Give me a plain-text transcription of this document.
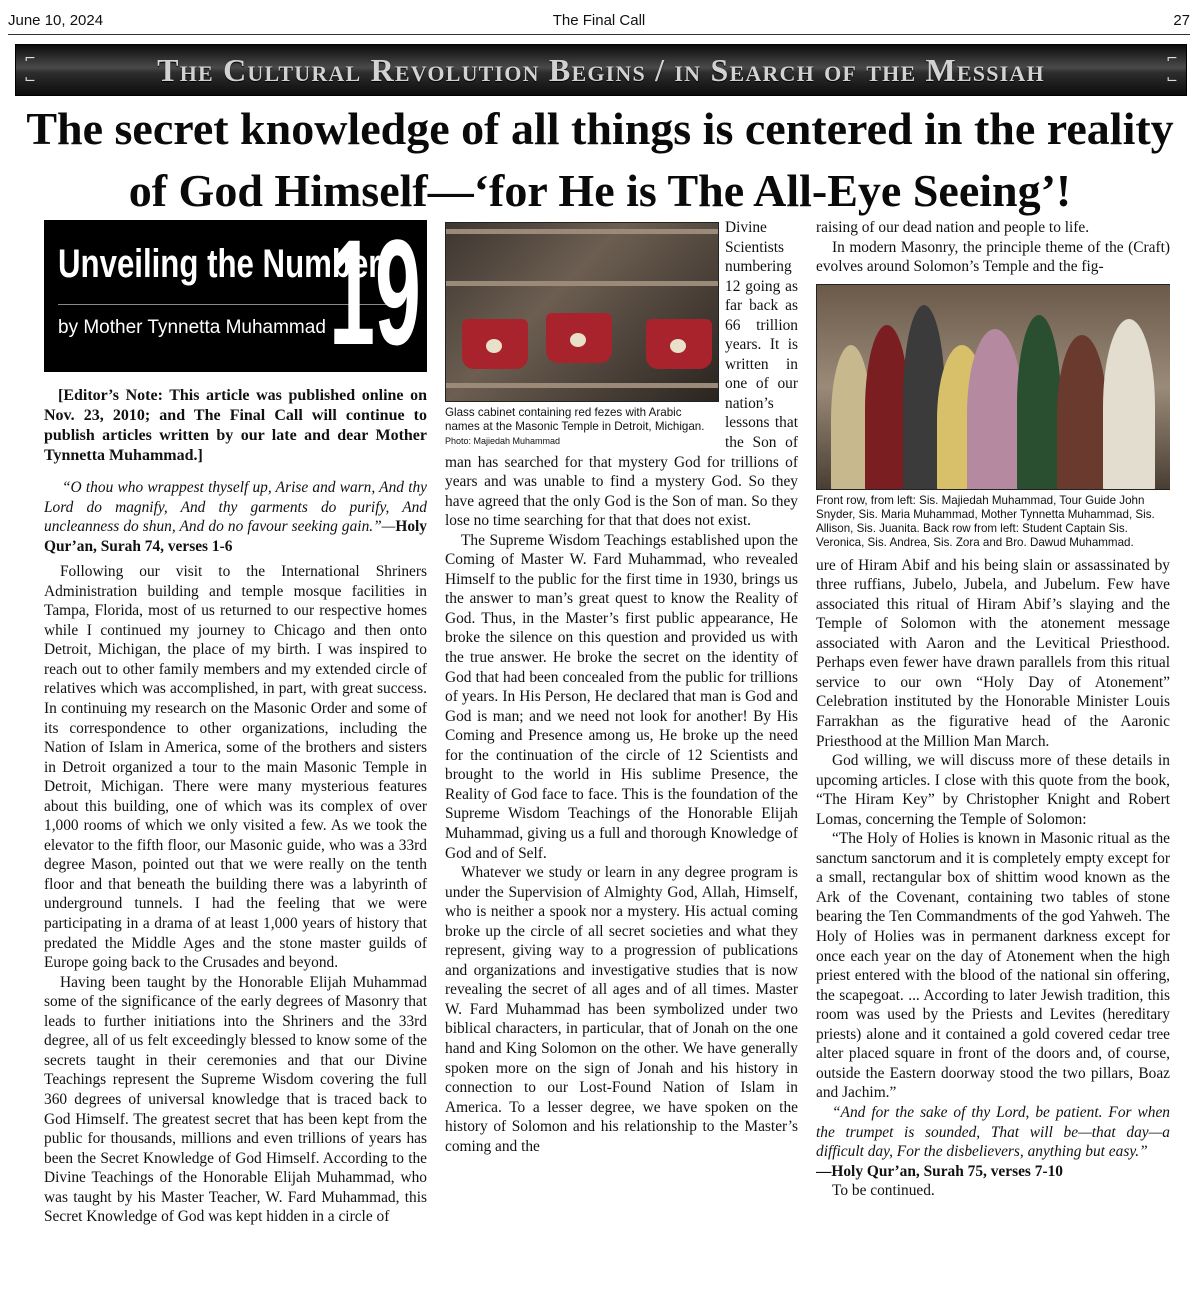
June 10, 2024	The Final Call	27
⌐
⌙	The Cultural Revolution Begins / in Search of the Messiah	⌐
⌙
The secret knowledge of all things is centered in the reality of God Himself—‘for He is The All-Eye Seeing’!
Unveiling the Number
by Mother Tynnetta Muhammad 19
[Editor’s Note: This article was published online on Nov. 23, 2010; and The Final Call will continue to publish articles written by our late and dear Mother Tynnetta Muhammad.]
“O thou who wrappest thyself up, Arise and warn, And thy Lord do magnify, And thy garments do purify, And uncleanness do shun, And do no favour seeking gain.”—Holy Qur’an, Surah 74, verses 1-6

Following our visit to the International Shriners Administration building and temple mosque facilities in Tampa, Florida, most of us returned to our respective homes while I continued my journey to Chicago and then onto Detroit, Michigan, the place of my birth. I was inspired to reach out to other family members and my extended circle of relatives which was accomplished, in part, with great success. In continuing my research on the Masonic Order and some of its correspondence to other organizations, including the Nation of Islam in America, some of the brothers and sisters in Detroit organized a tour to the main Masonic Temple in Detroit, Michigan. There were many mysterious features about this building, one of which was its complex of over 1,000 rooms of which we only visited a few. As we took the elevator to the fifth floor, our Masonic guide, who was a 33rd degree Mason, pointed out that we were really on the tenth floor and that beneath the building there was a labyrinth of underground tunnels. I had the feeling that we were participating in a drama of at least 1,000 years of history that predated the Middle Ages and the stone master guilds of Europe going back to the Crusades and beyond.

Having been taught by the Honorable Elijah Muhammad some of the significance of the early degrees of Masonry that leads to further initiations into the Shriners and the 33rd degree, all of us felt exceedingly blessed to know some of the secrets taught in their ceremonies and that our Divine Teachings represent the Supreme Wisdom covering the full 360 degrees of universal knowledge that is traced back to God Himself. The greatest secret that has been kept from the public for thousands, millions and even trillions of years has been the Secret Knowledge of God Himself. According to the Divine Teachings of the Honorable Elijah Muhammad, who was taught by his Master Teacher, W. Fard Muhammad, this Secret Knowledge of God was kept hidden in a circle of

Glass cabinet containing red fezes with Arabic names at the Masonic Temple in Detroit, Michigan. Photo: Majiedah Muhammad

Divine Scientists numbering 12 going as far back as 66 trillion years. It is written in one of our nation’s lessons that the Son of man has searched for that mystery God for trillions of years and was unable to find a mystery God. So they have agreed that the only God is the Son of man. So they lose no time searching for that that does not exist.

The Supreme Wisdom Teachings established upon the Coming of Master W. Fard Muhammad, who revealed Himself to the public for the first time in 1930, brings us the answer to man’s great quest to know the Reality of God. Thus, in the Master’s first public appearance, He broke the silence on this question and provided us with the true answer. He broke the secret on the identity of God that had been concealed from the public for trillions of years. In His Person, He declared that man is God and God is man; and we need not look for another! By His Coming and Presence among us, He broke up the need for the continuation of the circle of 12 Scientists and brought to the world in His sublime Presence, the Reality of God face to face. This is the foundation of the Supreme Wisdom Teachings of the Honorable Elijah Muhammad, giving us a full and thorough Knowledge of God and of Self.

Whatever we study or learn in any degree program is under the Supervision of Almighty God, Allah, Himself, who is neither a spook nor a mystery. His actual coming broke up the circle of all secret societies and what they represent, giving way to a progression of publications and organizations and investigative studies that is now revealing the secret of all ages and of all times. Master W. Fard Muhammad has been symbolized under two biblical characters, in particular, that of Jonah on the one hand and King Solomon on the other. We have generally spoken more on the sign of Jonah and his history in connection to our Lost-Found Nation of Islam in America. To a lesser degree, we have spoken on the history of Solomon and his relationship to the Master’s coming and the

raising of our dead nation and people to life.

In modern Masonry, the principle theme of the (Craft) evolves around Solomon’s Temple and the fig-

Front row, from left: Sis. Majiedah Muhammad, Tour Guide John Snyder, Sis. Maria Muhammad, Mother Tynnetta Muhammad, Sis. Allison, Sis. Juanita. Back row from left: Student Captain Sis. Veronica, Sis. Andrea, Sis. Zora and Bro. Dawud Muhammad.

ure of Hiram Abif and his being slain or assassinated by three ruffians, Jubelo, Jubela, and Jubelum. Few have associated this ritual of Hiram Abif’s slaying and the Temple of Solomon with the atonement message associated with Aaron and the Levitical Priesthood. Perhaps even fewer have drawn parallels from this ritual service to our own “Holy Day of Atonement” Celebration instituted by the Honorable Minister Louis Farrakhan as the figurative head of the Aaronic Priesthood at the Million Man March.

God willing, we will discuss more of these details in upcoming articles. I close with this quote from the book, “The Hiram Key” by Christopher Knight and Robert Lomas, concerning the Temple of Solomon:

“The Holy of Holies is known in Masonic ritual as the sanctum sanctorum and it is completely empty except for a small, rectangular box of shittim wood known as the Ark of the Covenant, containing two tables of stone bearing the Ten Commandments of the god Yahweh. The Holy of Holies was in permanent darkness except for once each year on the day of Atonement when the high priest entered with the blood of the national sin offering, the scapegoat. ... According to later Jewish tradition, this room was used by the Priests and Levites (hereditary priests) alone and it contained a gold covered cedar tree alter placed square in front of the doors and, of course, outside the Eastern doorway stood the two pillars, Boaz and Jachim.”

“And for the sake of thy Lord, be patient. For when the trumpet is sounded, That will be—that day—a difficult day, For the disbelievers, anything but easy.”

—Holy Qur’an, Surah 75, verses 7-10

To be continued.
